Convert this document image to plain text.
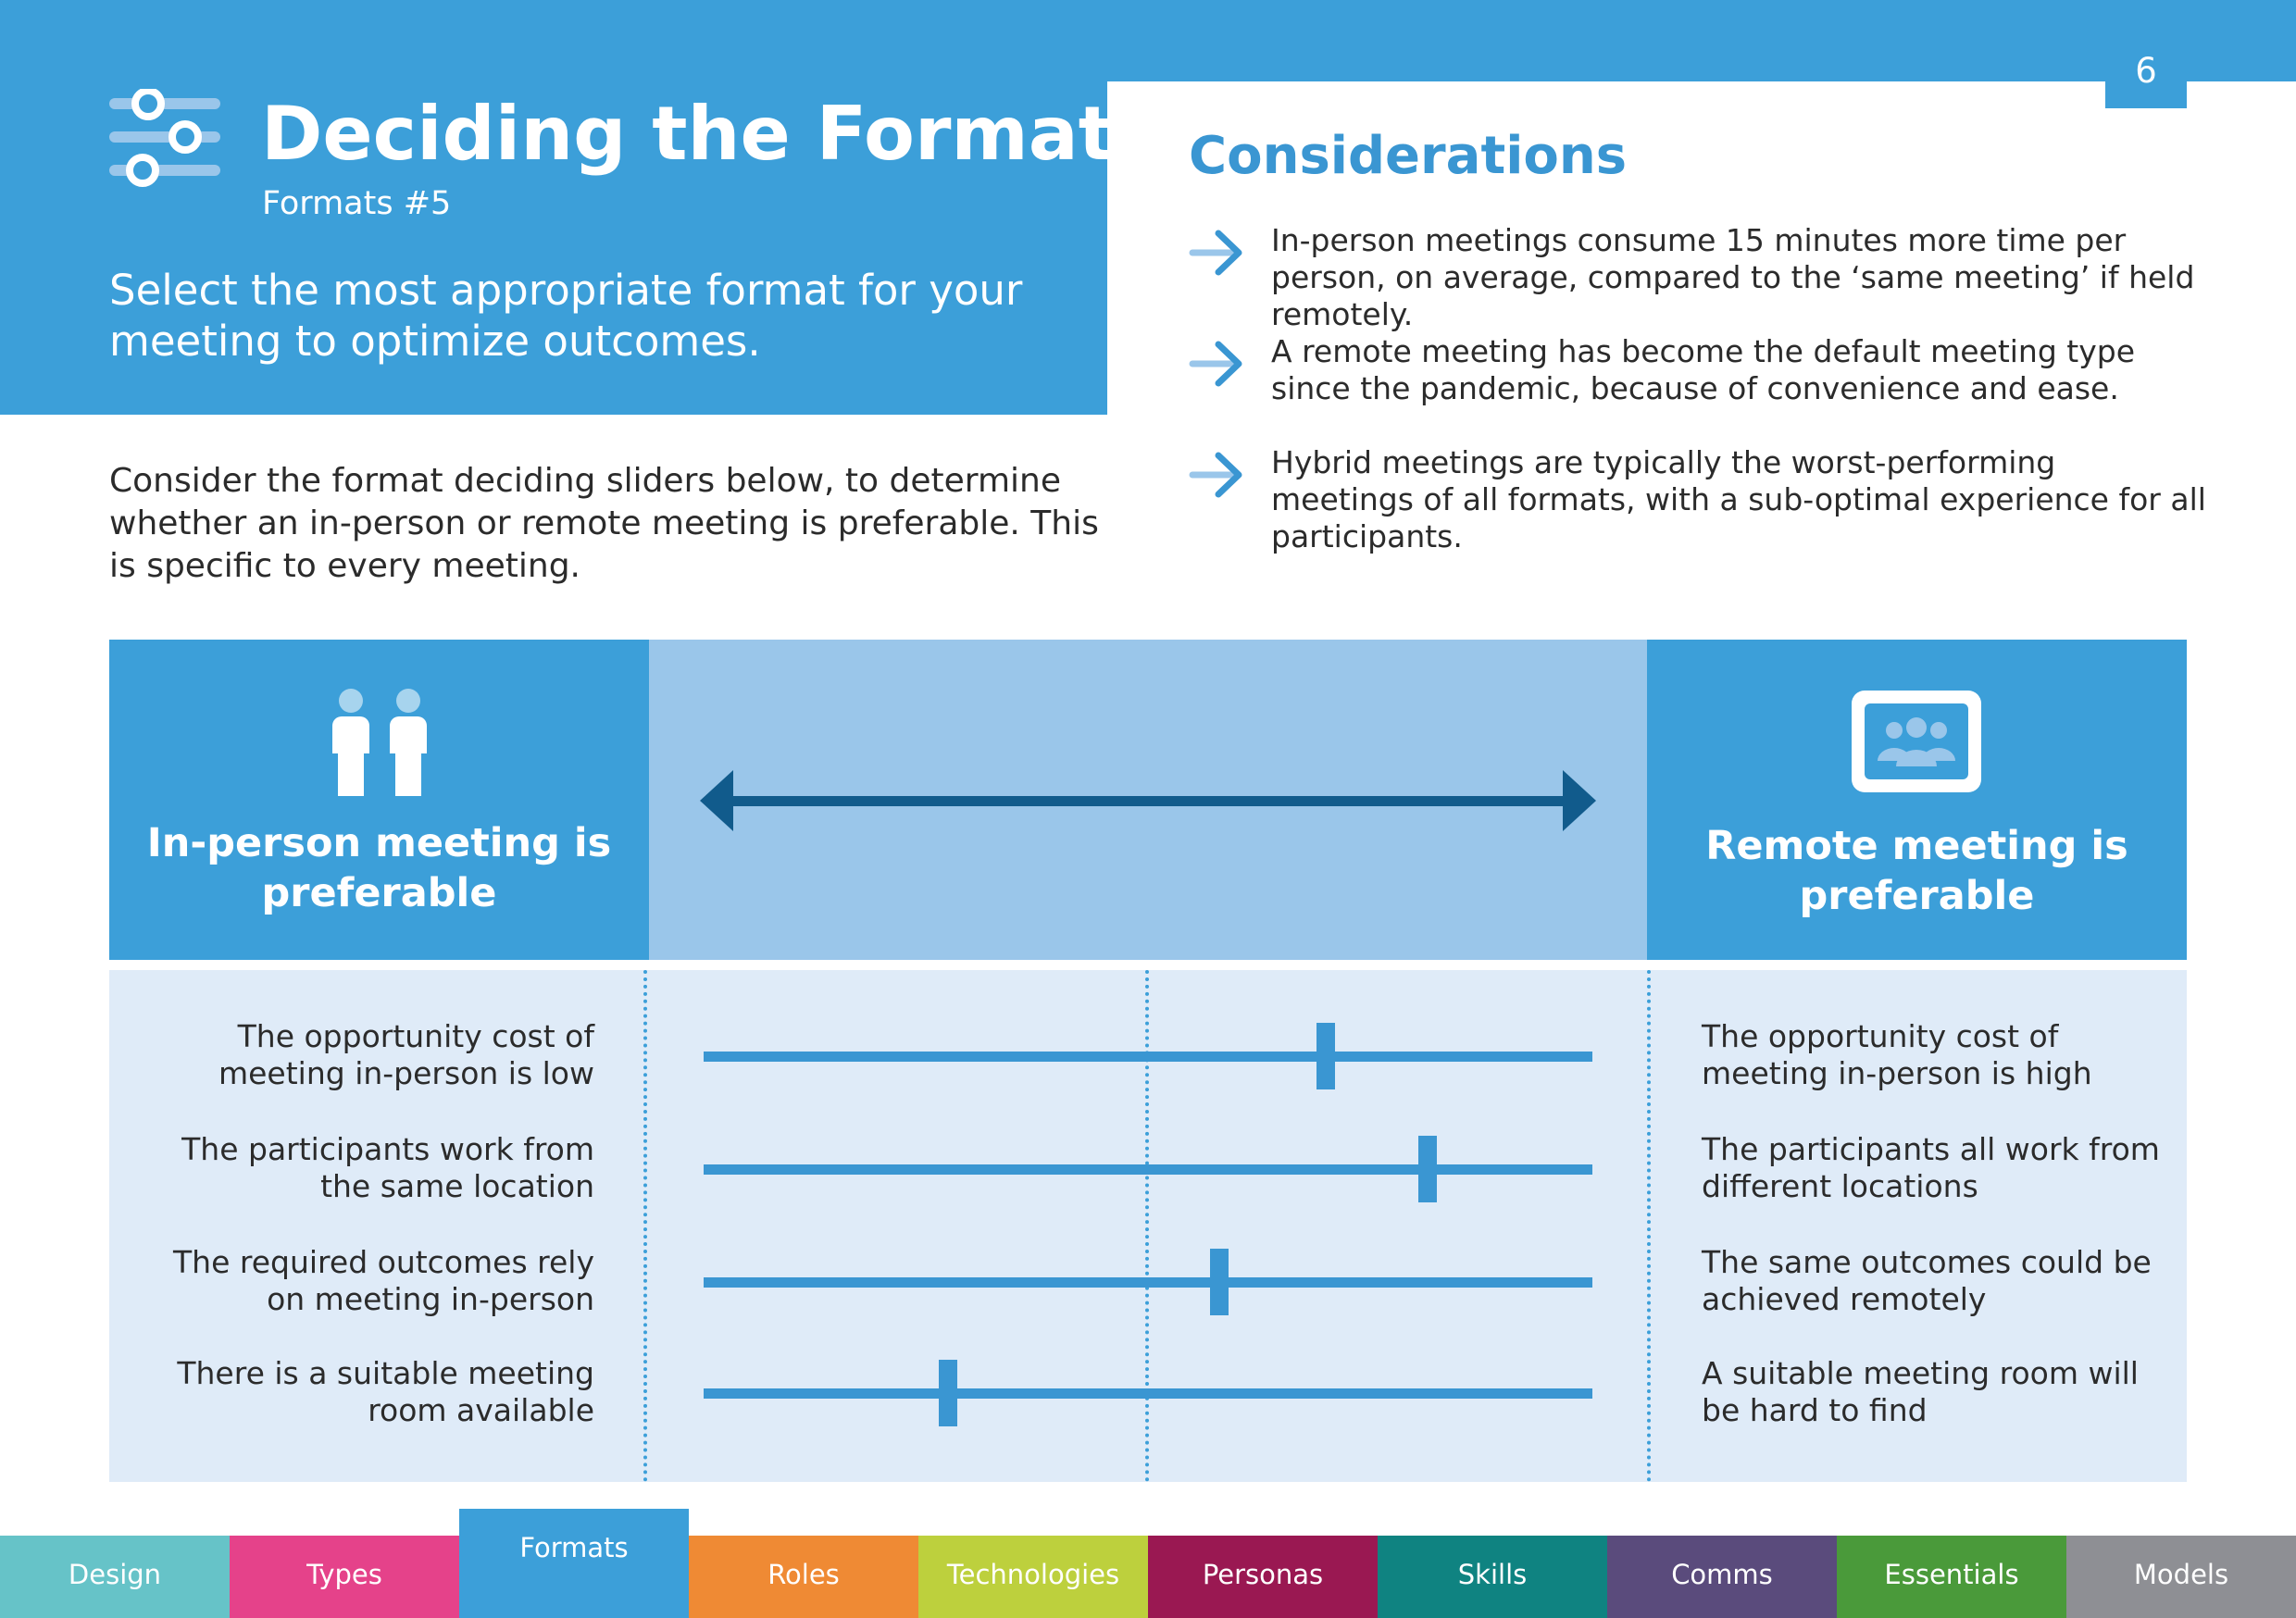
6
Deciding the Format
Formats #5
Select the most appropriate format for your meeting to optimize outcomes.
Consider the format deciding sliders below, to determine whether an in-person or remote meeting is preferable. This is specific to every meeting.
Considerations
In-person meetings consume 15 minutes more time per person, on average, compared to the ‘same meeting’ if held remotely.
A remote meeting has become the default meeting type since the pandemic, because of convenience and ease.
Hybrid meetings are typically the worst-performing meetings of all formats, with a sub-optimal experience for all participants.
In-person meeting is preferable
Remote meeting is preferable
The opportunity cost of meeting in-person is low
The opportunity cost of meeting in-person is high
The participants work from the same location
The participants all work from different locations
The required outcomes rely on meeting in-person
The same outcomes could be achieved remotely
There is a suitable meeting room available
A suitable meeting room will be hard to find
Design	Types
Formats
Roles	Technologies	Personas	Skills	Comms	Essentials	Models
